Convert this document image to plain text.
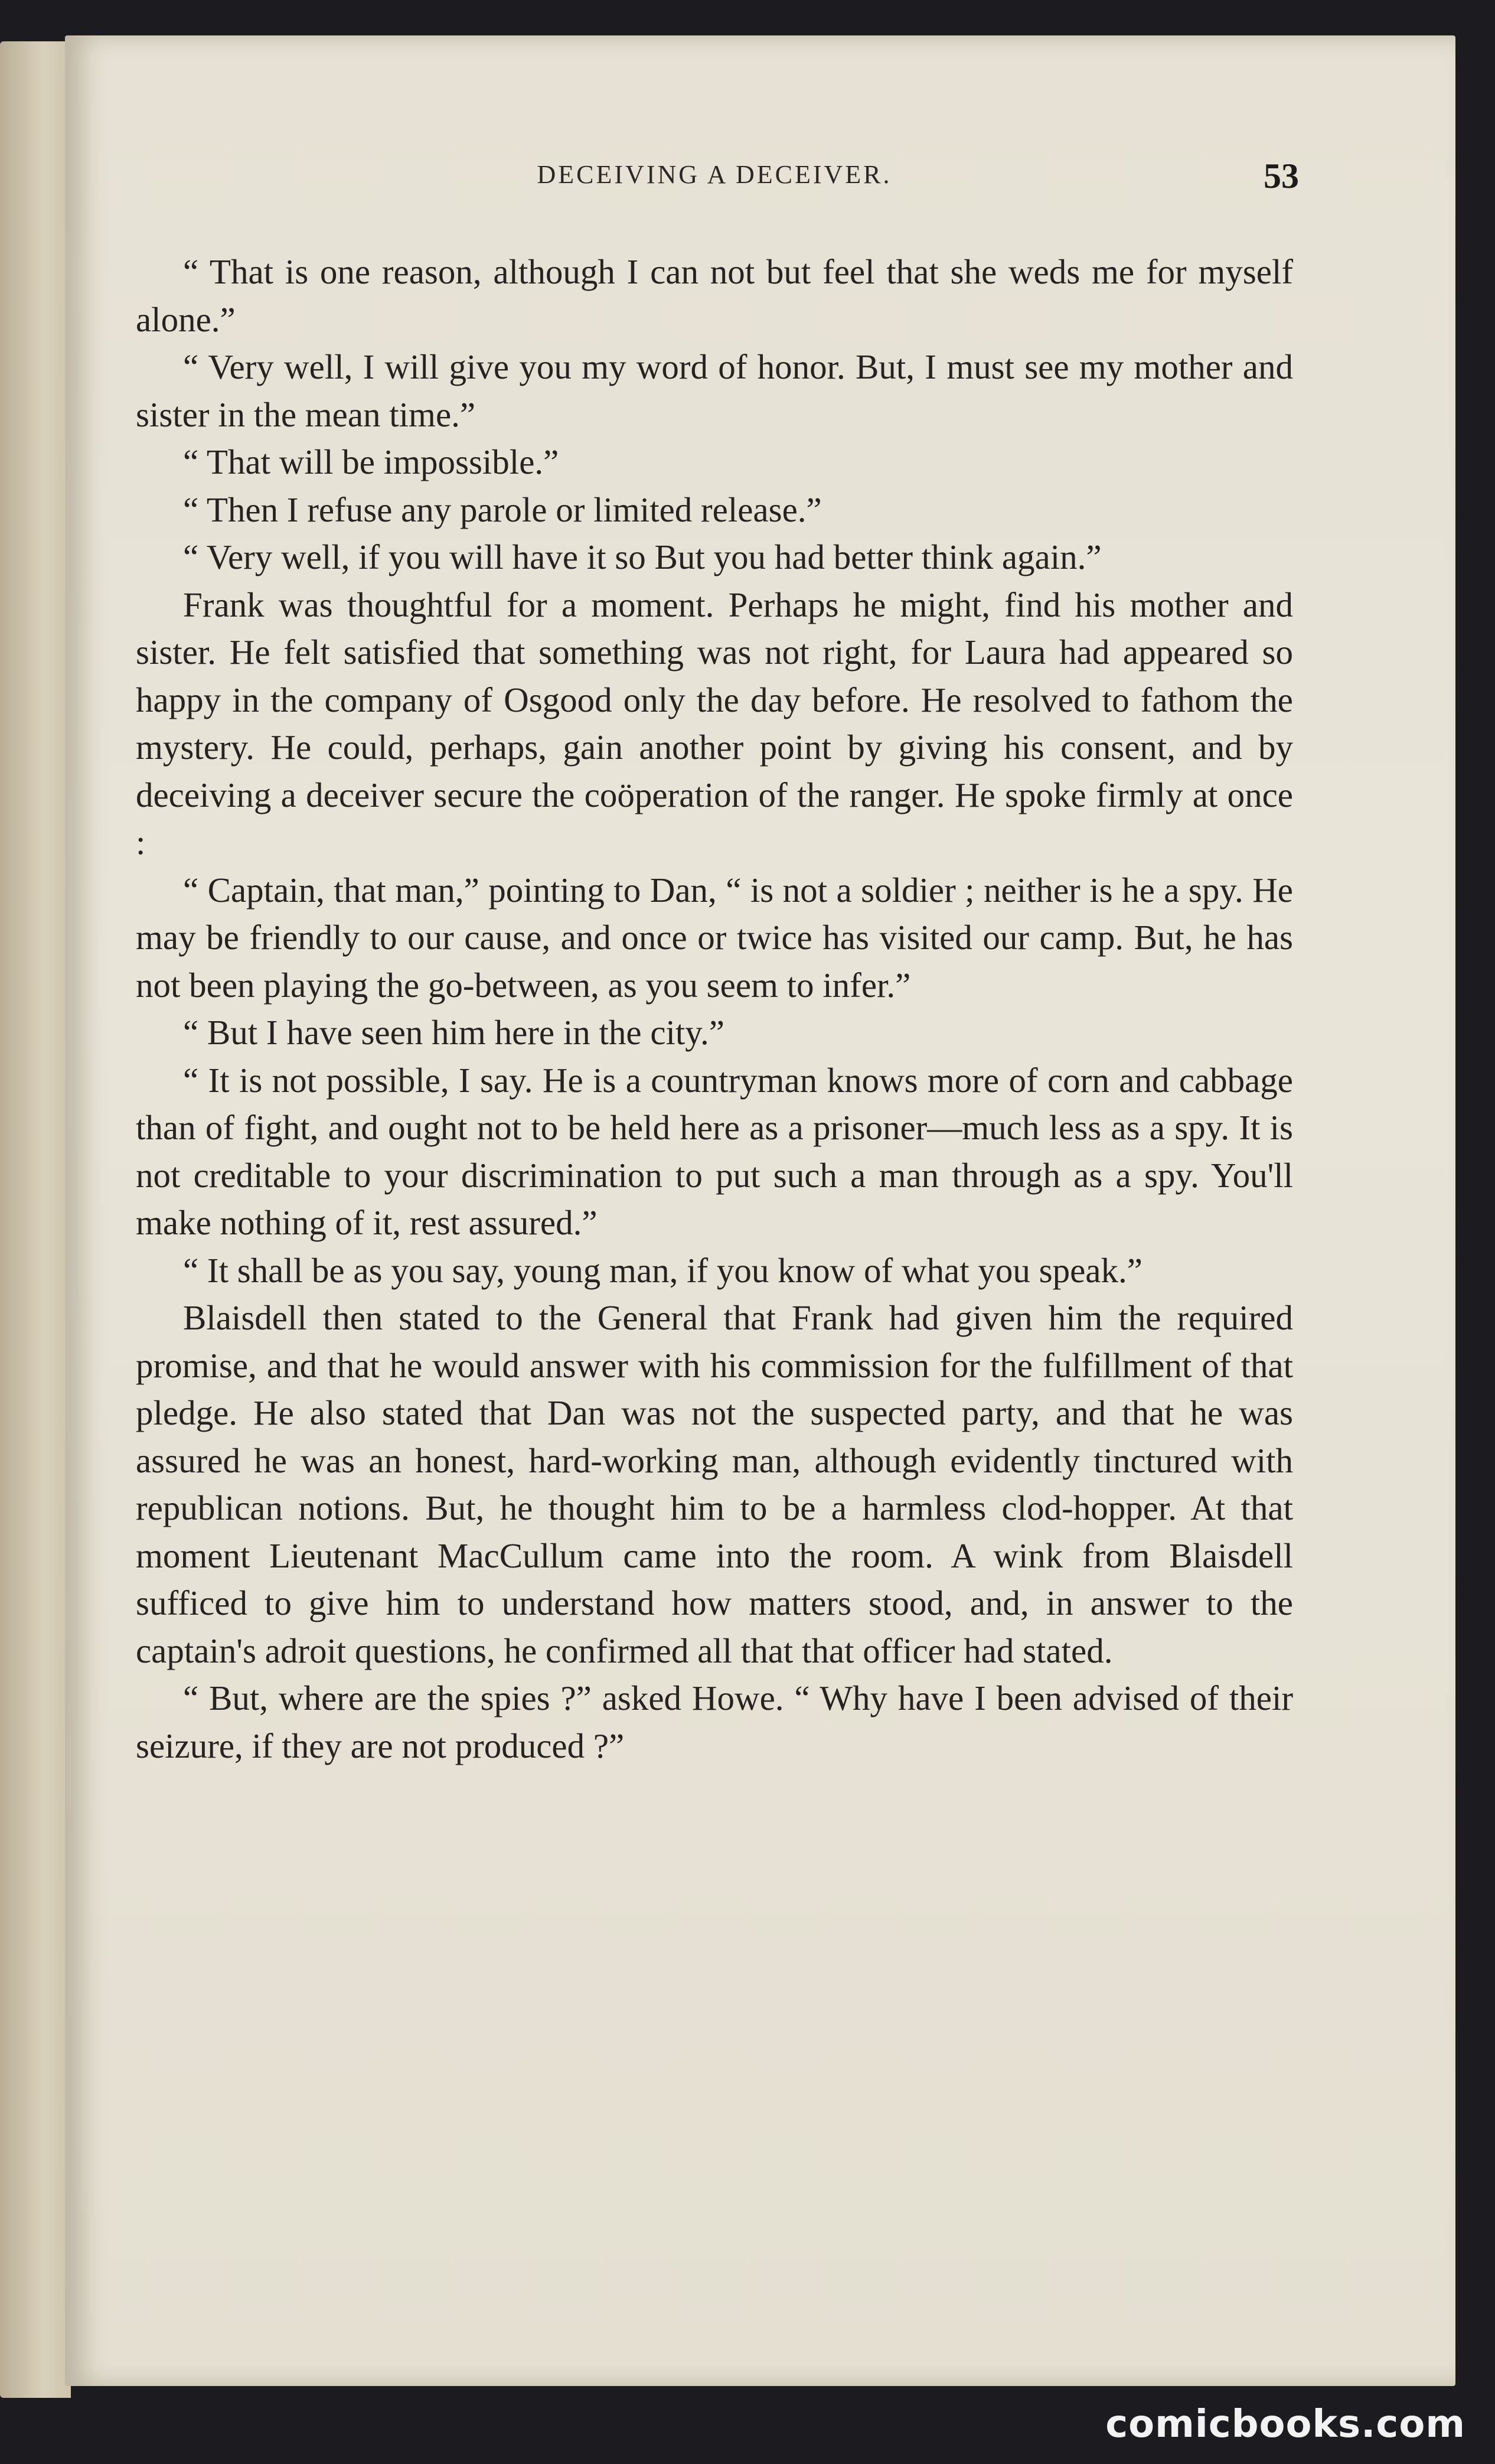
DECEIVING A DECEIVER.	53

“ That is one reason, although I can not but feel that she weds me for myself alone.”

“ Very well, I will give you my word of honor. But, I must see my mother and sister in the mean time.”

“ That will be impossible.”

“ Then I refuse any parole or limited release.”

“ Very well, if you will have it so But you had better think again.”

Frank was thoughtful for a moment. Perhaps he might, find his mother and sister. He felt satisfied that something was not right, for Laura had appeared so happy in the company of Osgood only the day before. He resolved to fathom the mystery. He could, perhaps, gain another point by giving his consent, and by deceiving a deceiver secure the coöperation of the ranger. He spoke firmly at once :

“ Captain, that man,” pointing to Dan, “ is not a soldier ; neither is he a spy. He may be friendly to our cause, and once or twice has visited our camp. But, he has not been playing the go-between, as you seem to infer.”

“ But I have seen him here in the city.”

“ It is not possible, I say. He is a countryman knows more of corn and cabbage than of fight, and ought not to be held here as a prisoner—much less as a spy. It is not creditable to your discrimination to put such a man through as a spy. You'll make nothing of it, rest assured.”

“ It shall be as you say, young man, if you know of what you speak.”

Blaisdell then stated to the General that Frank had given him the required promise, and that he would answer with his commission for the fulfillment of that pledge. He also stated that Dan was not the suspected party, and that he was assured he was an honest, hard-working man, although evidently tinctured with republican notions. But, he thought him to be a harmless clod-hopper. At that moment Lieutenant MacCullum came into the room. A wink from Blaisdell sufficed to give him to understand how matters stood, and, in answer to the captain's adroit questions, he confirmed all that that officer had stated.

“ But, where are the spies ?” asked Howe. “ Why have I been advised of their seizure, if they are not produced ?”

comicbooks.com
